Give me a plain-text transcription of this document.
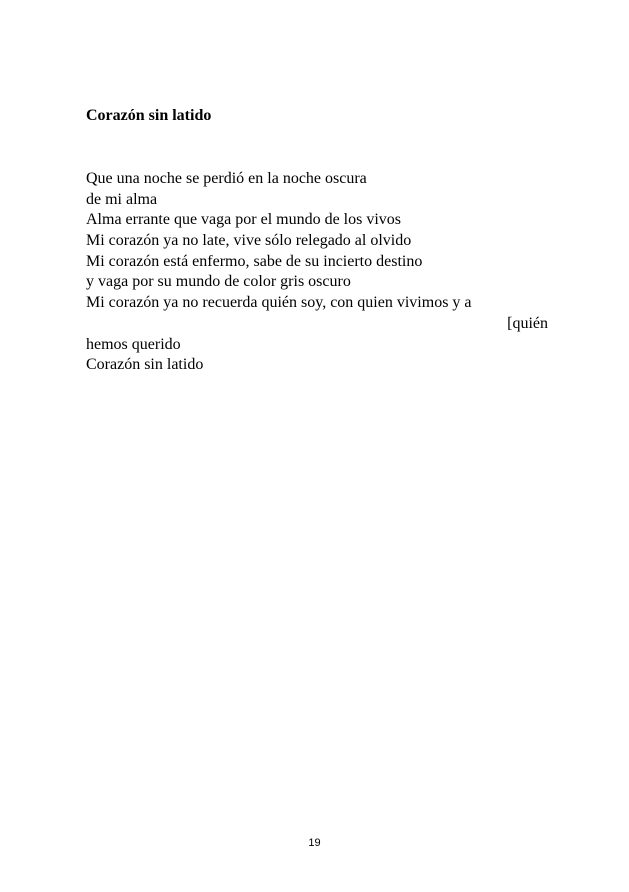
Corazón sin latido
Que una noche se perdió en la noche oscura
de mi alma
Alma errante que vaga por el mundo de los vivos
Mi corazón ya no late, vive sólo relegado al olvido
Mi corazón está enfermo, sabe de su incierto destino
y vaga por su mundo de color gris oscuro
Mi corazón ya no recuerda quién soy, con quien vivimos y a
[quién
hemos querido
Corazón sin latido
19
